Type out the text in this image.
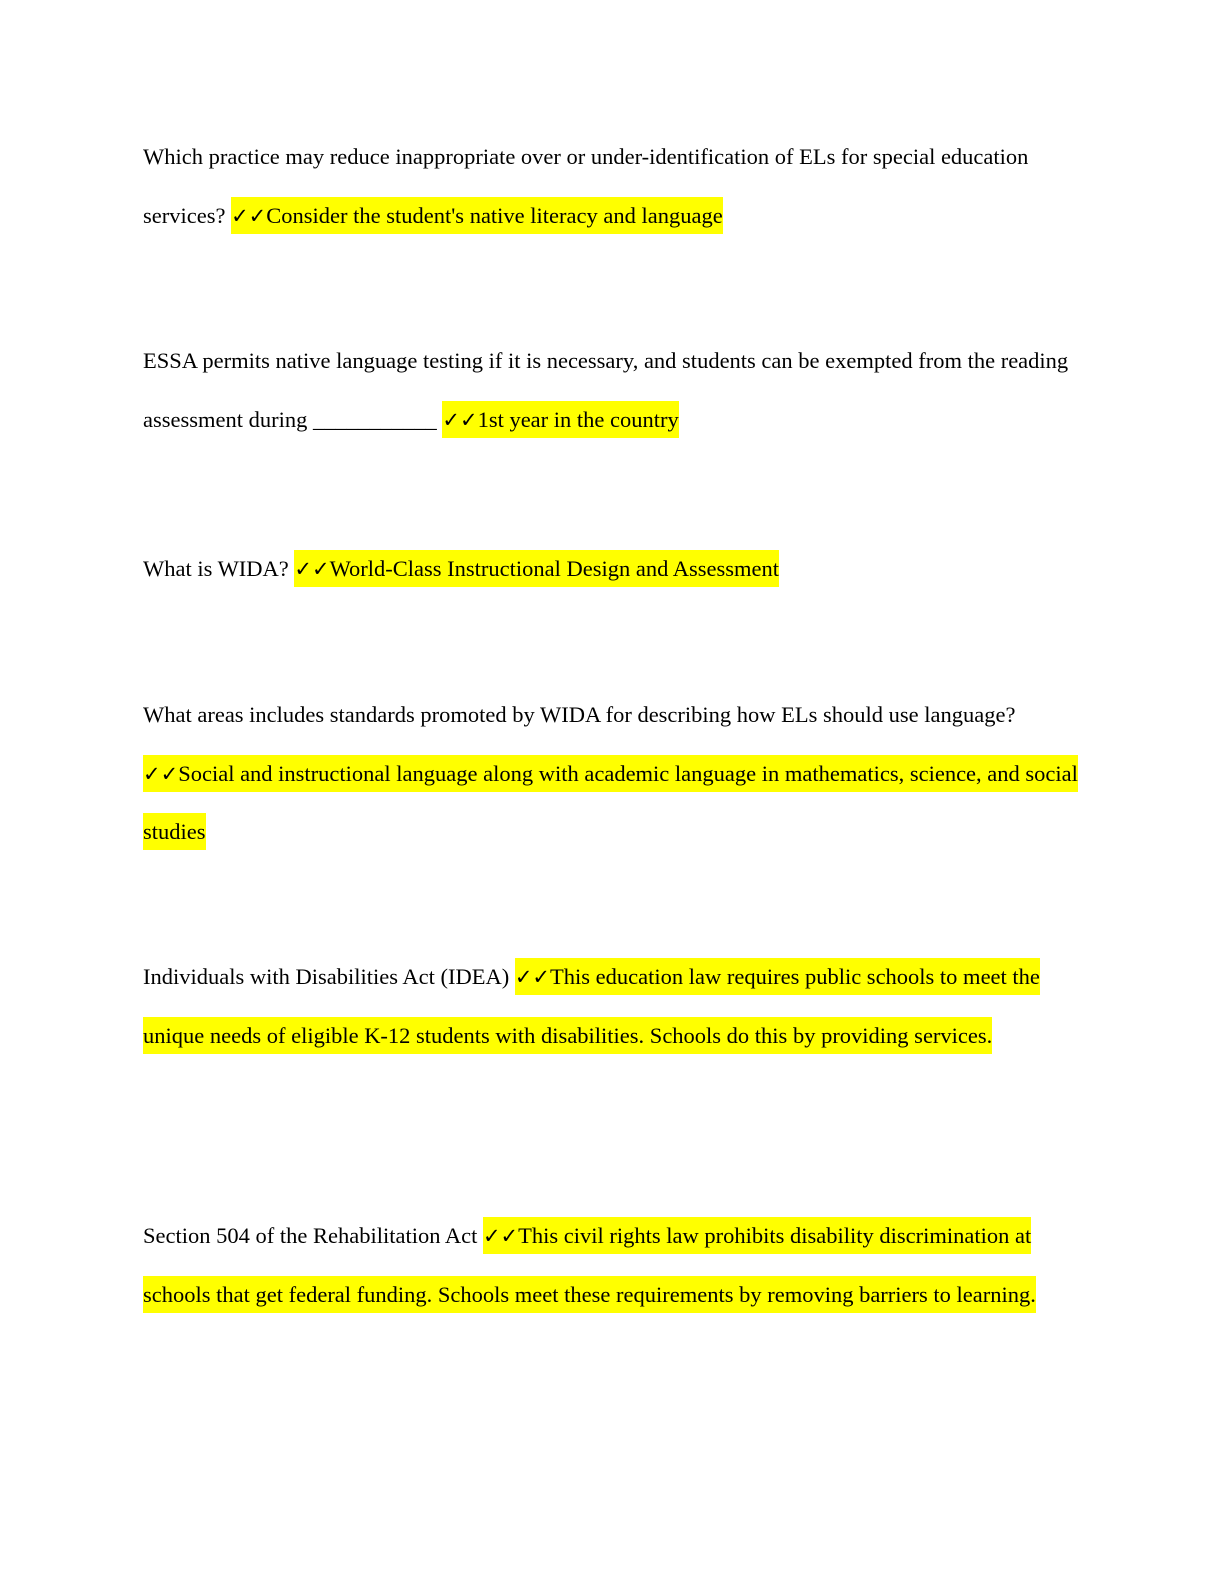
Which practice may reduce inappropriate over or under-identification of ELs for special education services? ✓✓Consider the student's native literacy and language

ESSA permits native language testing if it is necessary, and students can be exempted from the reading assessment during ___________ ✓✓1st year in the country

What is WIDA? ✓✓World-Class Instructional Design and Assessment

What areas includes standards promoted by WIDA for describing how ELs should use language? ✓✓Social and instructional language along with academic language in mathematics, science, and social studies

Individuals with Disabilities Act (IDEA) ✓✓This education law requires public schools to meet the unique needs of eligible K-12 students with disabilities. Schools do this by providing services.

Section 504 of the Rehabilitation Act ✓✓This civil rights law prohibits disability discrimination at schools that get federal funding. Schools meet these requirements by removing barriers to learning.
